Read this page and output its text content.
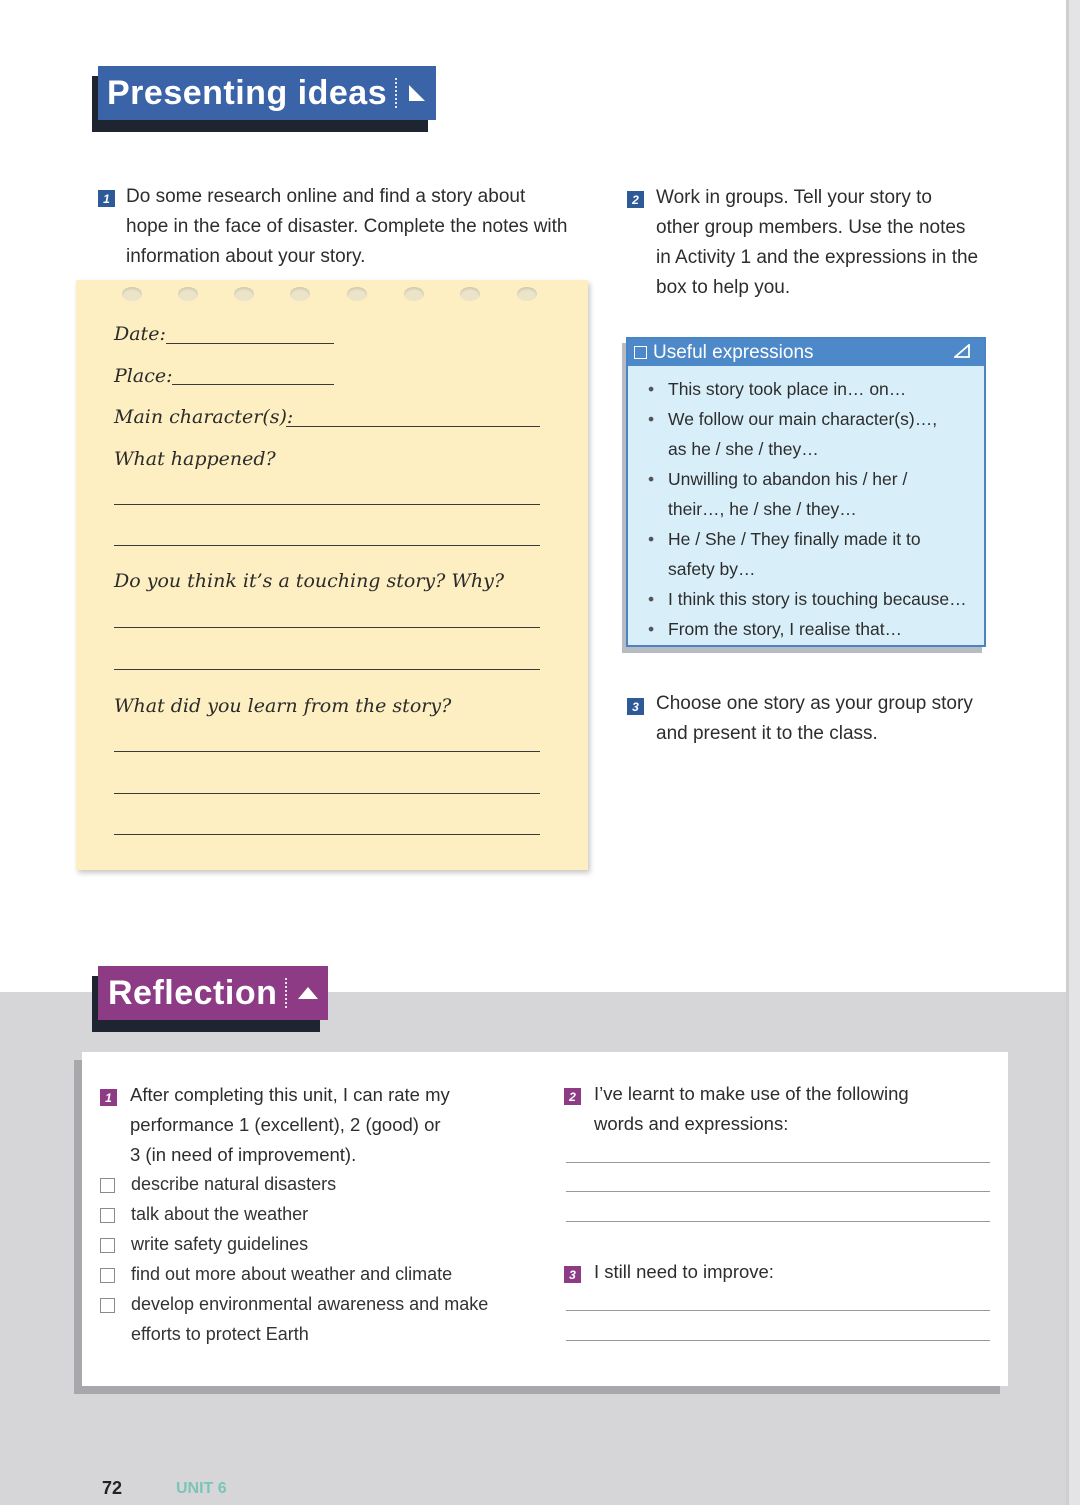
Presenting ideas
1 Do some research online and find a story about
hope in the face of disaster. Complete the notes with
information about your story.
Date:
Place:
Main character(s):
What happened?
Do you think it’s a touching story? Why?
What did you learn from the story?
2 Work in groups. Tell your story to
other group members. Use the notes
in Activity 1 and the expressions in the
box to help you.
Useful expressions
• This story took place in… on…
• We follow our main character(s)…,
as he / she / they…
• Unwilling to abandon his / her /
their…, he / she / they…
• He / She / They finally made it to
safety by…
• I think this story is touching because…
• From the story, I realise that…
3 Choose one story as your group story
and present it to the class.
Reflection
1 After completing this unit, I can rate my
performance 1 (excellent), 2 (good) or
3 (in need of improvement).
describe natural disasters
talk about the weather
write safety guidelines
find out more about weather and climate
develop environmental awareness and make
efforts to protect Earth
2 I’ve learnt to make use of the following
words and expressions:
3 I still need to improve:
72	UNIT 6
